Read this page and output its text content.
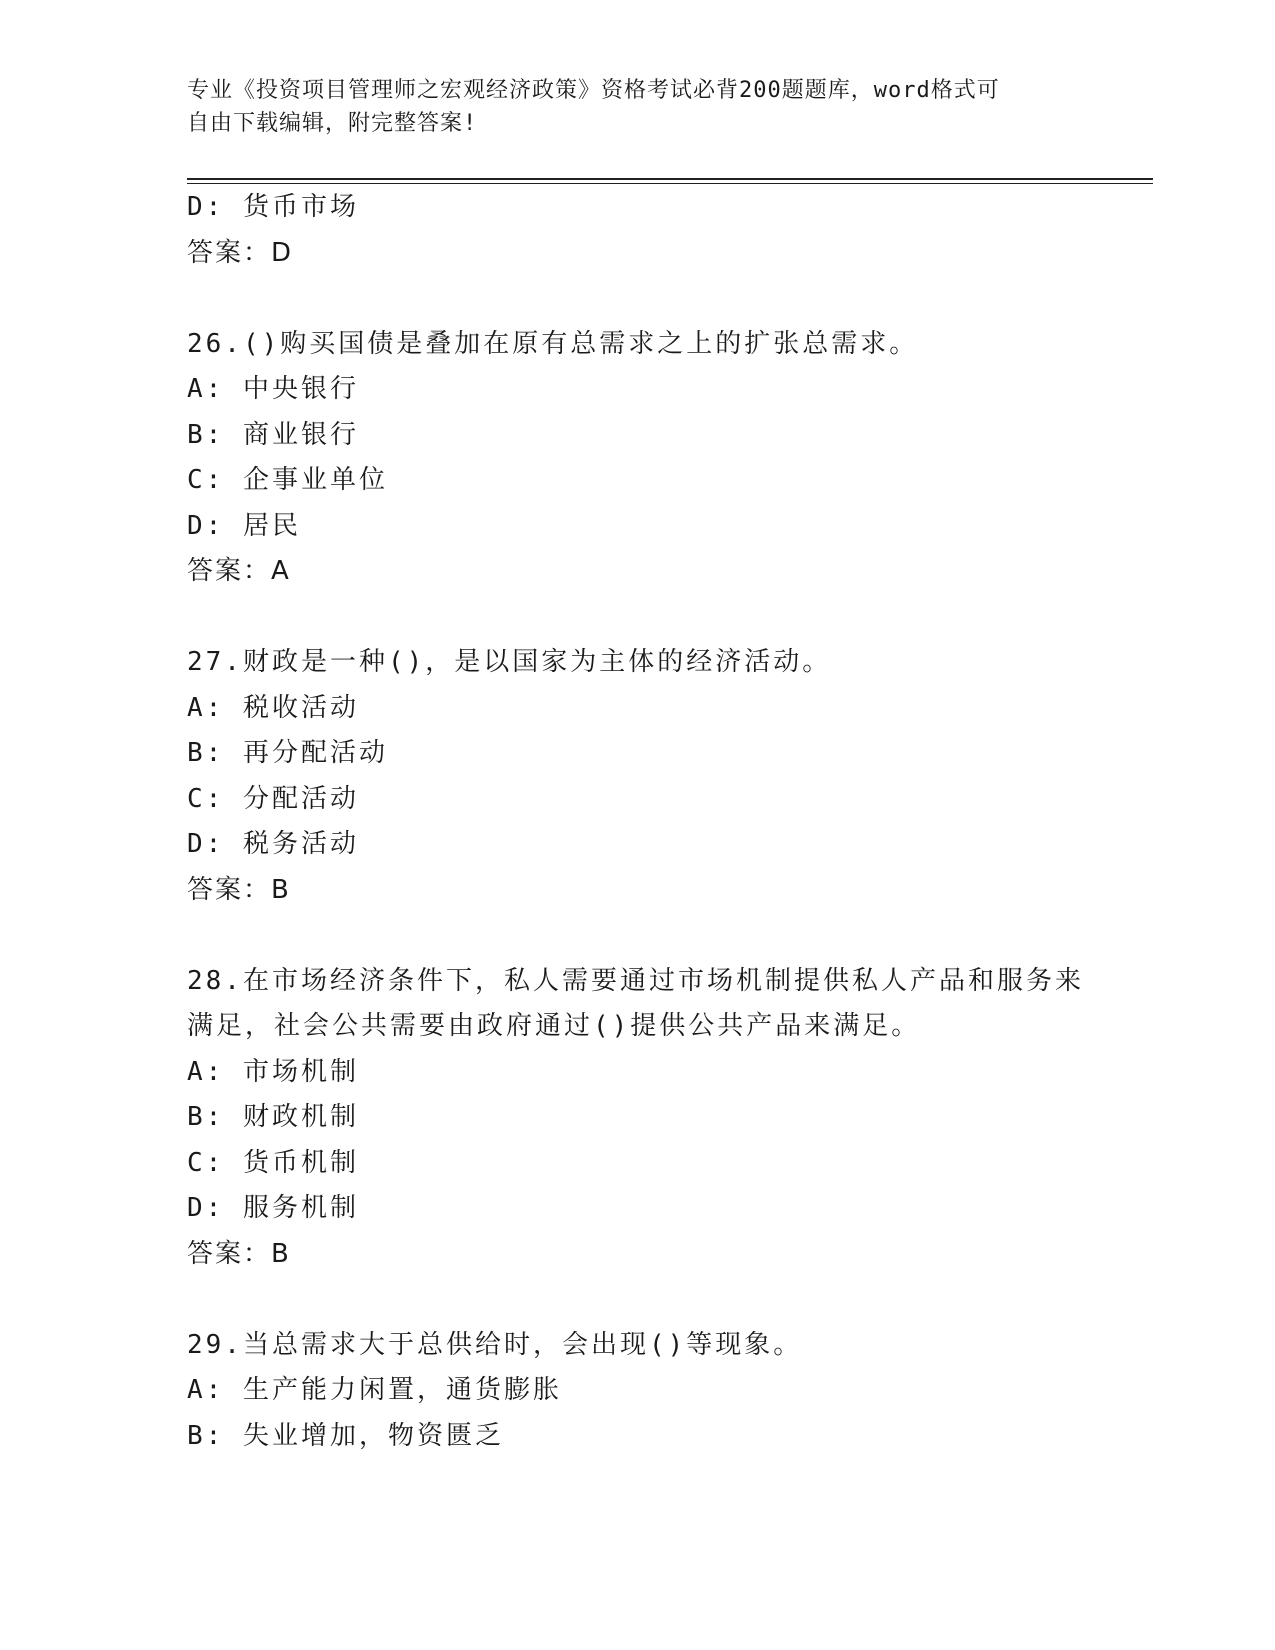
专业《投资项目管理师之宏观经济政策》资格考试必背200题题库，word格式可
自由下载编辑，附完整答案!
D: 货币市场
答案：D
26.()购买国债是叠加在原有总需求之上的扩张总需求。
A: 中央银行
B: 商业银行
C: 企事业单位
D: 居民
答案：A
27.财政是一种()，是以国家为主体的经济活动。
A: 税收活动
B: 再分配活动
C: 分配活动
D: 税务活动
答案：B
28.在市场经济条件下，私人需要通过市场机制提供私人产品和服务来
满足，社会公共需要由政府通过()提供公共产品来满足。
A: 市场机制
B: 财政机制
C: 货币机制
D: 服务机制
答案：B
29.当总需求大于总供给时，会出现()等现象。
A: 生产能力闲置，通货膨胀
B: 失业增加，物资匮乏
